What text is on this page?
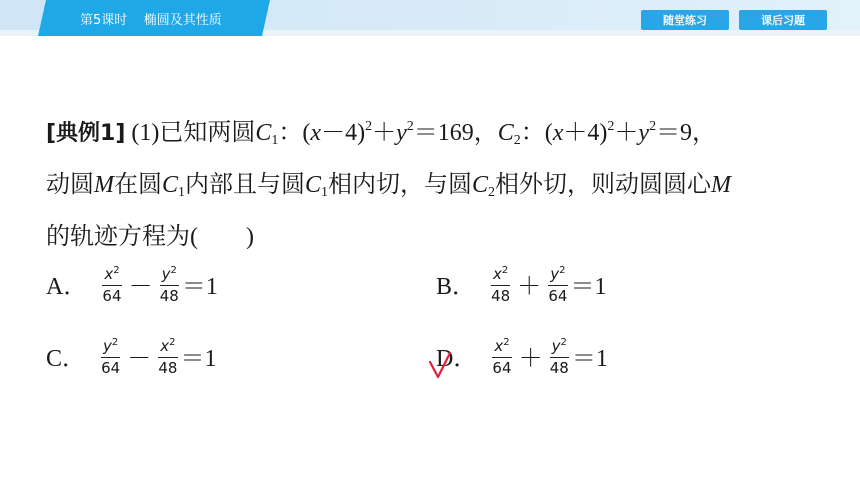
第5课时    椭圆及其性质	随堂练习	课后习题
[典例1] (1)已知两圆$C_1$：$(x-4)^2+y^2=169$，$C_2$：$(x+4)^2+y^2=9$，
动圆M在圆$C_1$内部且与圆$C_1$相内切，与圆$C_2$相外切，则动圆圆心M
的轨迹方程为(　　)
A． $\frac{x^2}{64} - \frac{y^2}{48} =1$	B． $\frac{x^2}{48} + \frac{y^2}{64} =1$
C． $\frac{y^2}{64} - \frac{x^2}{48} =1$	D． $\frac{x^2}{64} + \frac{y^2}{48} =1$
